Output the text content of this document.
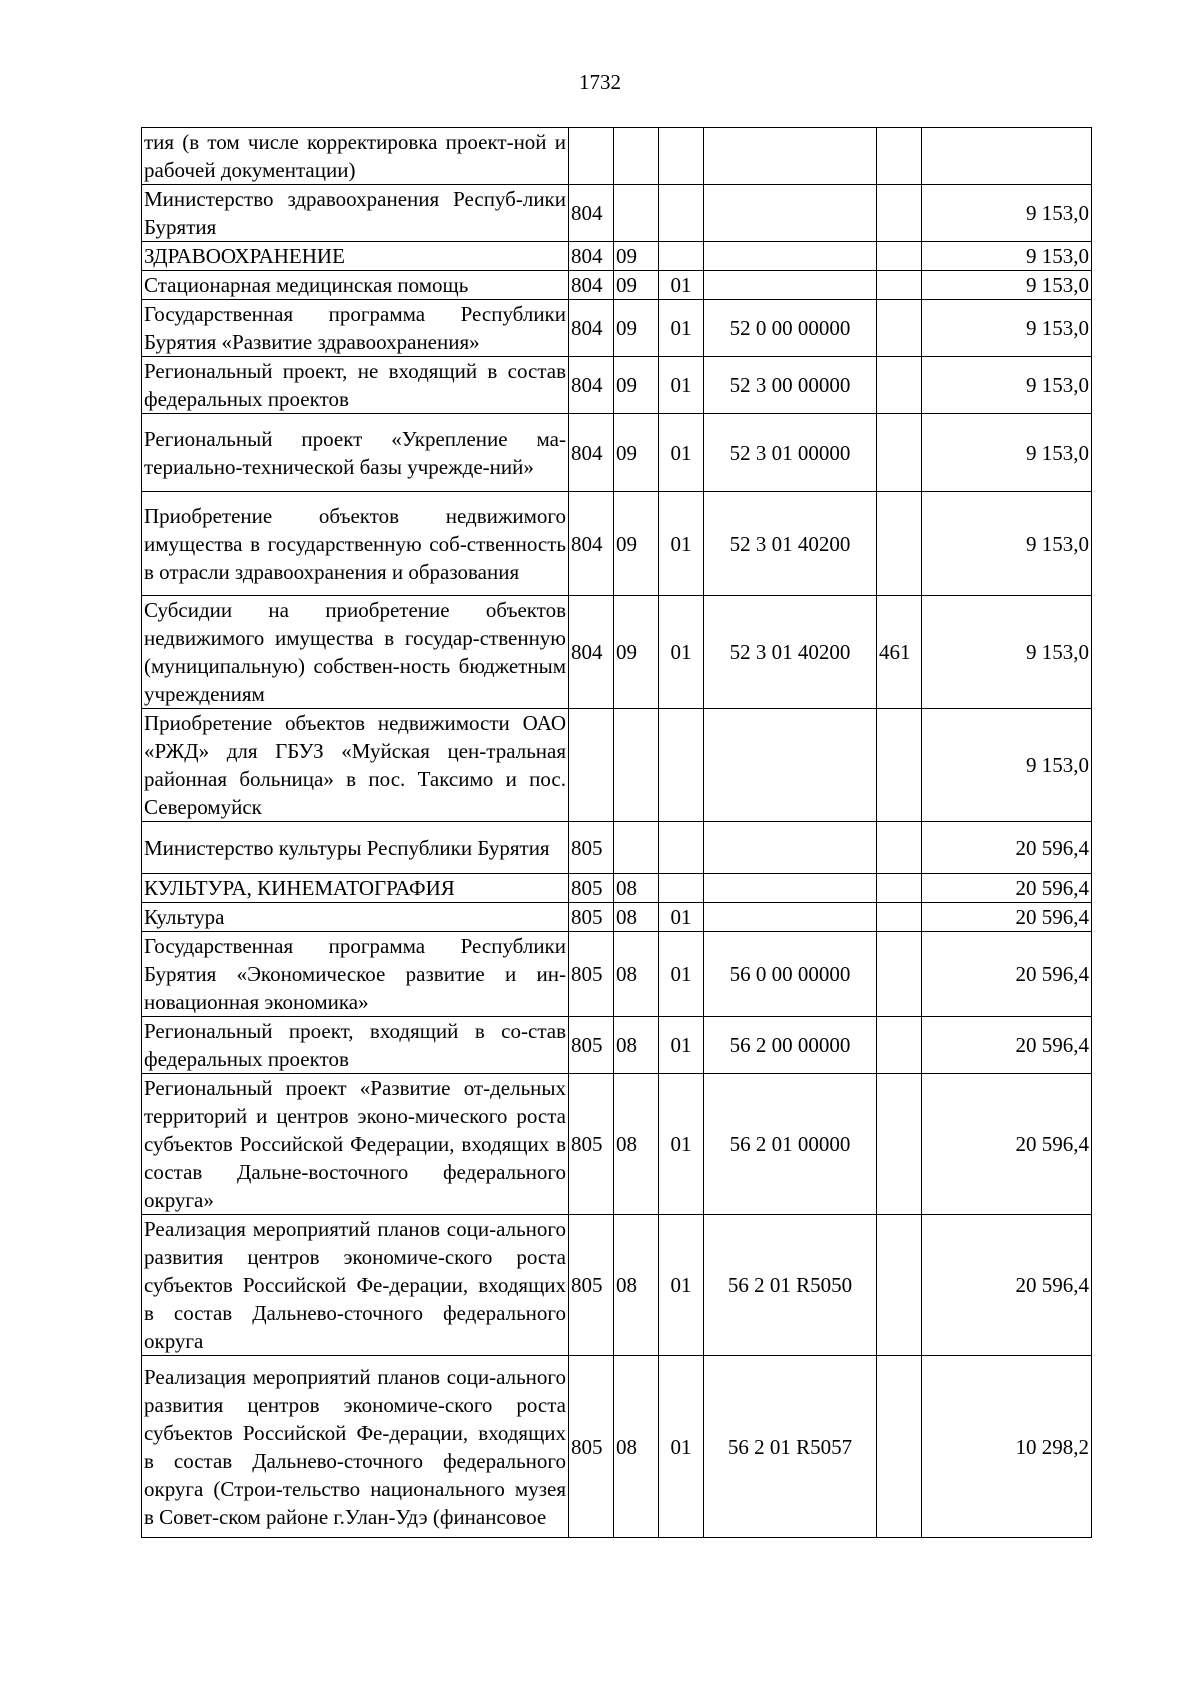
1732
тия (в том числе корректировка проект-ной и рабочей документации)						
Министерство здравоохранения Респуб-лики Бурятия	804					9 153,0
ЗДРАВООХРАНЕНИЕ	804	09				9 153,0
Стационарная медицинская помощь	804	09	01			9 153,0
Государственная программа Республики Бурятия «Развитие здравоохранения»	804	09	01	52 0 00 00000		9 153,0
Региональный проект, не входящий в состав федеральных проектов	804	09	01	52 3 00 00000		9 153,0
Региональный проект «Укрепление ма-териально-технической базы учрежде-ний»	804	09	01	52 3 01 00000		9 153,0
Приобретение объектов недвижимого имущества в государственную соб-ственность в отрасли здравоохранения и образования	804	09	01	52 3 01 40200		9 153,0
Субсидии на приобретение объектов недвижимого имущества в государ-ственную (муниципальную) собствен-ность бюджетным учреждениям	804	09	01	52 3 01 40200	461	9 153,0
Приобретение объектов недвижимости ОАО «РЖД» для ГБУЗ «Муйская цен-тральная районная больница» в пос. Таксимо и пос. Северомуйск						9 153,0
Министерство культуры Республики Бурятия	805					20 596,4
КУЛЬТУРА, КИНЕМАТОГРАФИЯ	805	08				20 596,4
Культура	805	08	01			20 596,4
Государственная программа Республики Бурятия «Экономическое развитие и ин-новационная экономика»	805	08	01	56 0 00 00000		20 596,4
Региональный проект, входящий в со-став федеральных проектов	805	08	01	56 2 00 00000		20 596,4
Региональный проект «Развитие от-дельных территорий и центров эконо-мического роста субъектов Российской Федерации, входящих в состав Дальне-восточного федерального округа»	805	08	01	56 2 01 00000		20 596,4
Реализация мероприятий планов соци-ального развития центров экономиче-ского роста субъектов Российской Фе-дерации, входящих в состав Дальнево-сточного федерального округа	805	08	01	56 2 01 R5050		20 596,4
Реализация мероприятий планов соци-ального развития центров экономиче-ского роста субъектов Российской Фе-дерации, входящих в состав Дальнево-сточного федерального округа (Строи-тельство национального музея в Совет-ском районе г.Улан-Удэ (финансовое	805	08	01	56 2 01 R5057		10 298,2
